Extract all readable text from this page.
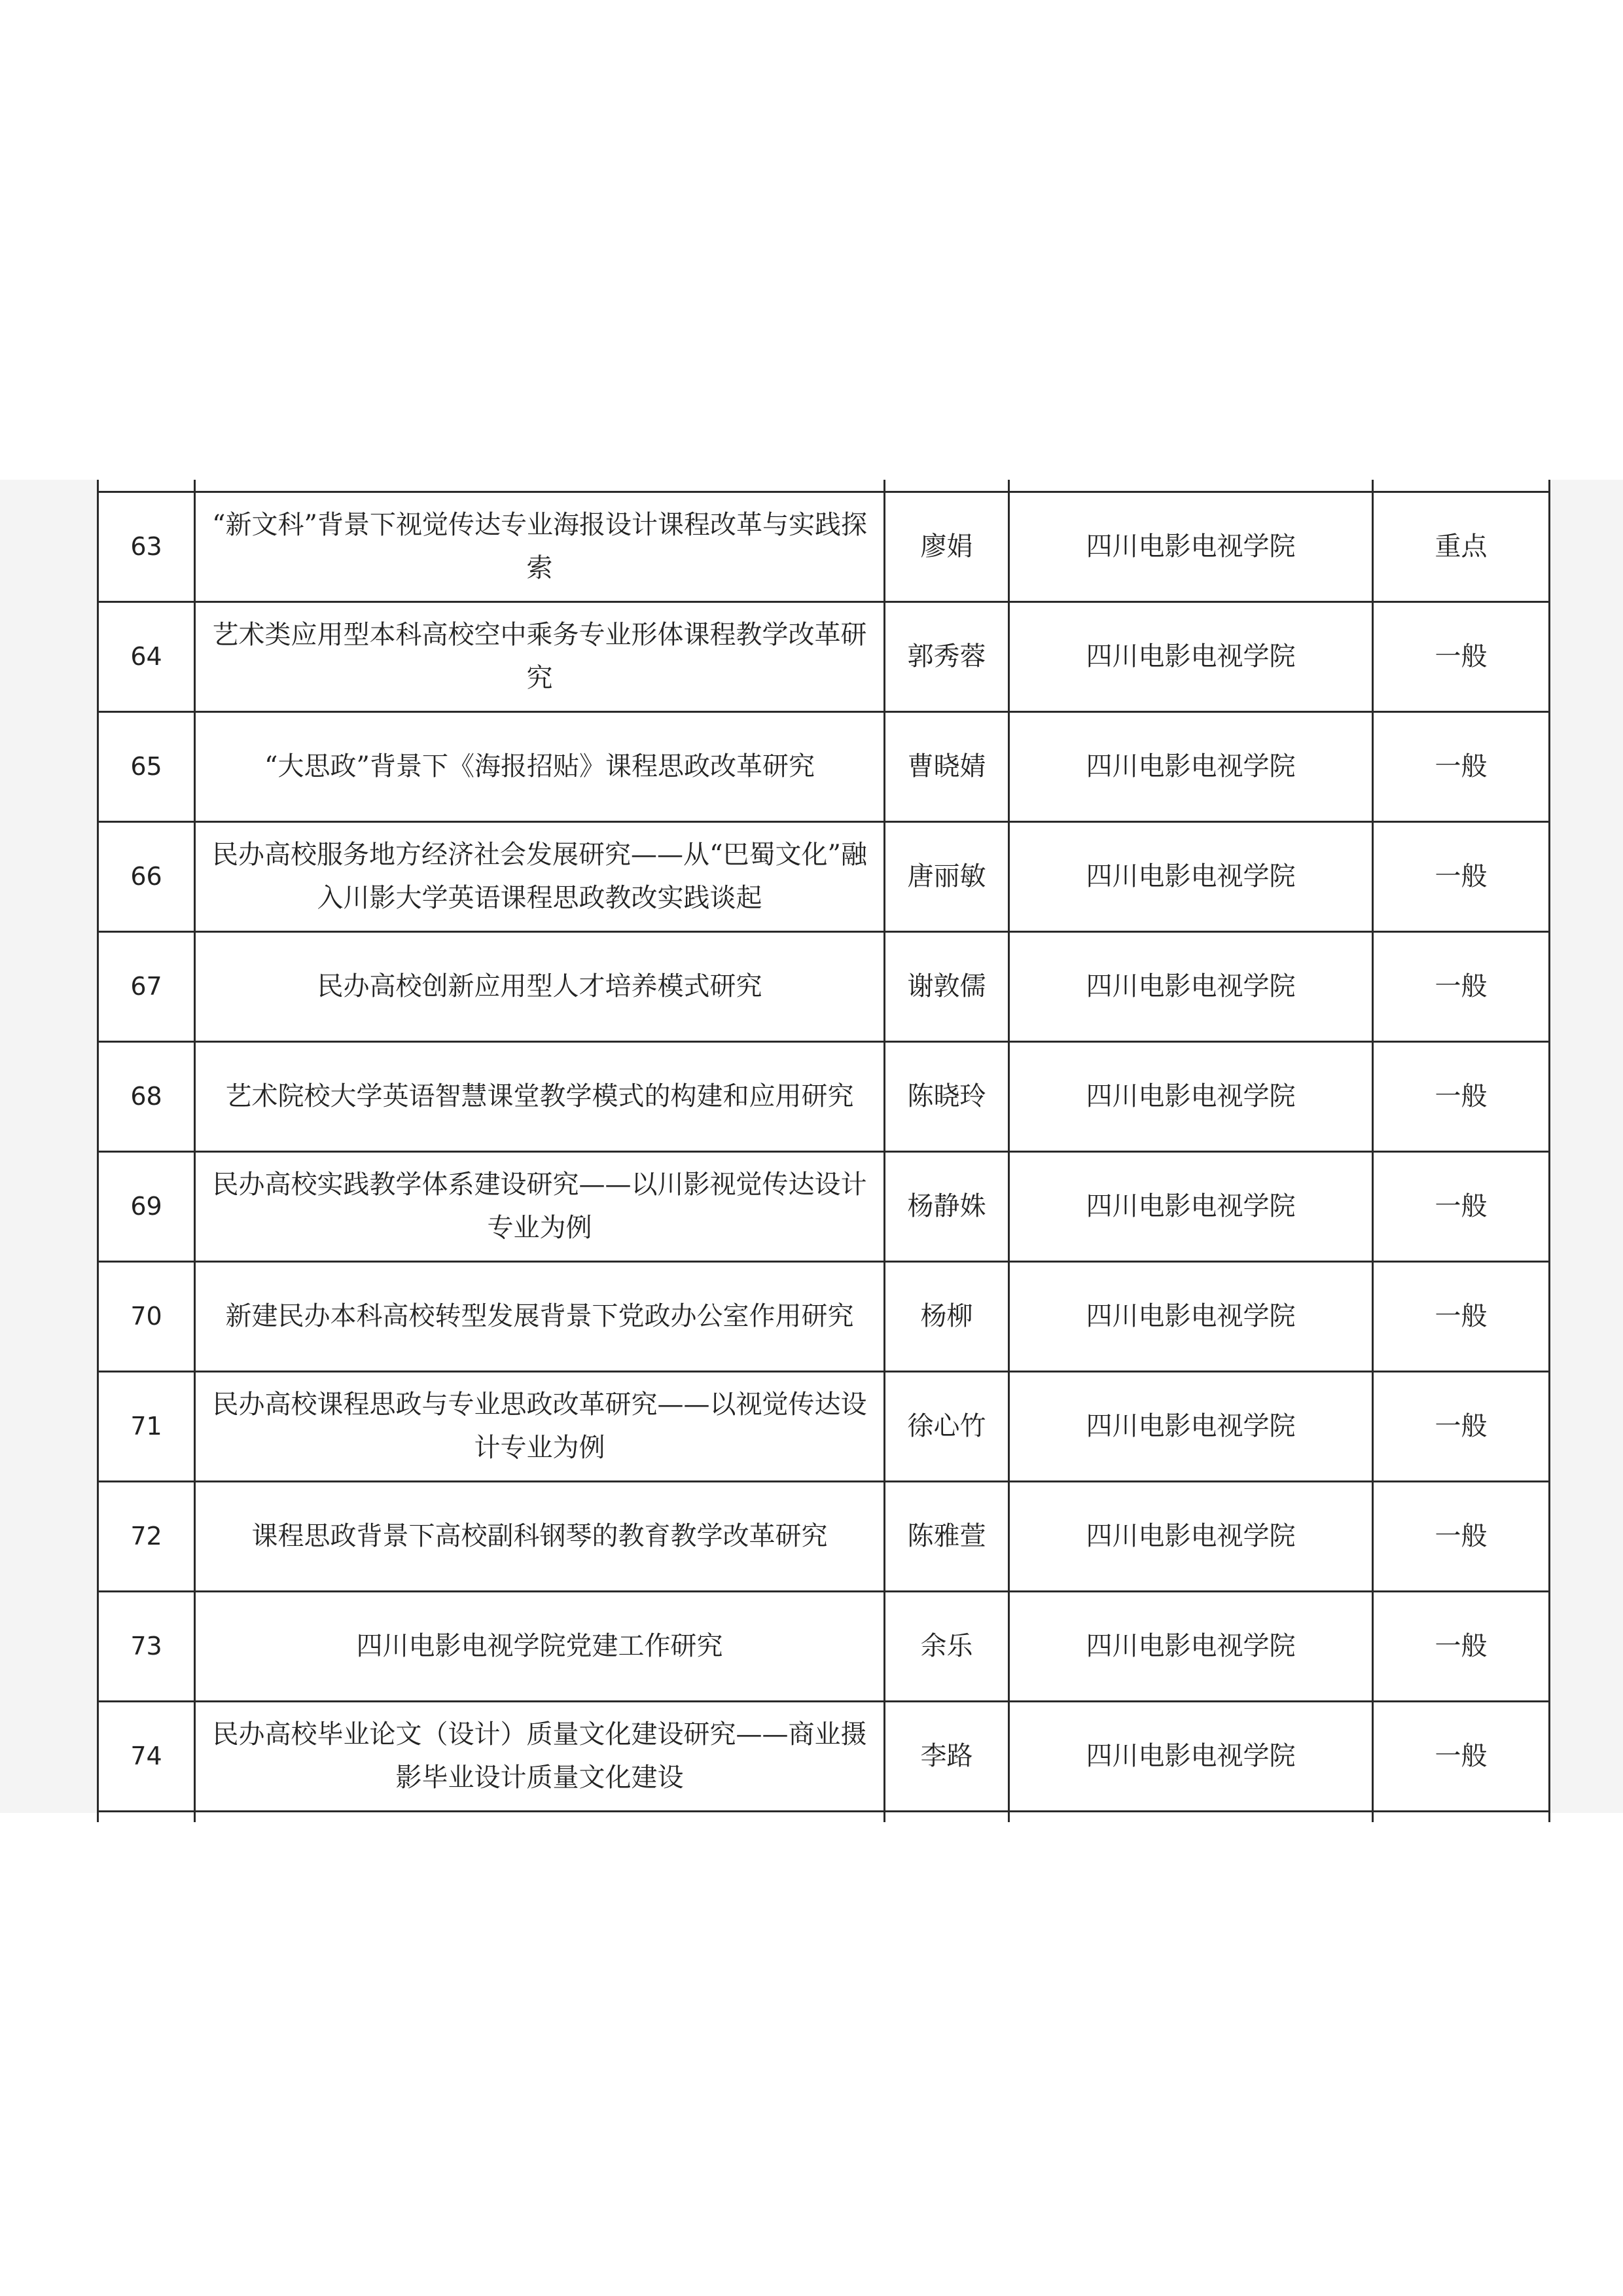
63	“新文科”背景下视觉传达专业海报设计课程改革与实践探索	廖娟	四川电影电视学院	重点
64	艺术类应用型本科高校空中乘务专业形体课程教学改革研究	郭秀蓉	四川电影电视学院	一般
65	“大思政”背景下《海报招贴》课程思政改革研究	曹晓婧	四川电影电视学院	一般
66	民办高校服务地方经济社会发展研究——从“巴蜀文化”融入川影大学英语课程思政教改实践谈起	唐丽敏	四川电影电视学院	一般
67	民办高校创新应用型人才培养模式研究	谢敦儒	四川电影电视学院	一般
68	艺术院校大学英语智慧课堂教学模式的构建和应用研究	陈晓玲	四川电影电视学院	一般
69	民办高校实践教学体系建设研究——以川影视觉传达设计专业为例	杨静姝	四川电影电视学院	一般
70	新建民办本科高校转型发展背景下党政办公室作用研究	杨柳	四川电影电视学院	一般
71	民办高校课程思政与专业思政改革研究——以视觉传达设计专业为例	徐心竹	四川电影电视学院	一般
72	课程思政背景下高校副科钢琴的教育教学改革研究	陈雅萱	四川电影电视学院	一般
73	四川电影电视学院党建工作研究	余乐	四川电影电视学院	一般
74	民办高校毕业论文（设计）质量文化建设研究——商业摄影毕业设计质量文化建设	李路	四川电影电视学院	一般
